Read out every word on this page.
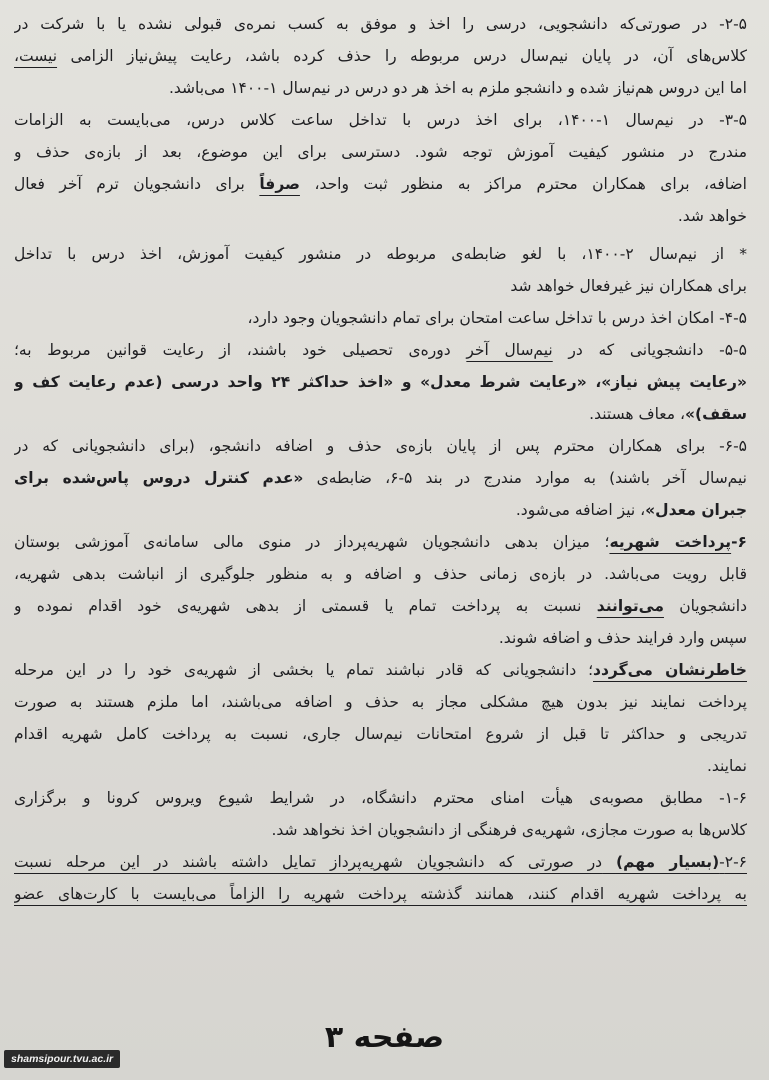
۲-۵- در صورتی‌که دانشجویی، درسی را اخذ و موفق به کسب نمره‌ی قبولی نشده یا با شرکت در

کلاس‌های آن، در پایان نیم‌سال درس مربوطه را حذف کرده باشد، رعایت پیش‌نیاز الزامی نیست،

اما این دروس هم‌نیاز شده و دانشجو ملزم به اخذ هر دو درس در نیم‌سال ۱-۱۴۰۰ می‌باشد.

۳-۵- در نیم‌سال ۱-۱۴۰۰، برای اخذ درس با تداخل ساعت کلاس درس، می‌بایست به الزامات

مندرج در منشور کیفیت آموزش توجه شود. دسترسی برای این موضوع، بعد از بازه‌ی حذف و

اضافه، برای همکاران محترم مراکز به منظور ثبت واحد، صرفاً برای دانشجویان ترم آخر فعال

خواهد شد.

* از نیم‌سال ۲-۱۴۰۰، با لغو ضابطه‌ی مربوطه در منشور کیفیت آموزش، اخذ درس با تداخل

برای همکاران نیز غیرفعال خواهد شد

۴-۵- امکان اخذ درس با تداخل ساعت امتحان برای تمام دانشجویان وجود دارد،

۵-۵- دانشجویانی که در نیم‌سال آخر دوره‌ی تحصیلی خود باشند، از رعایت قوانین مربوط به؛

«رعایت پیش نیاز»، «رعایت شرط معدل» و «اخذ حداکثر ۲۴ واحد درسی (عدم رعایت کف و

سقف)»، معاف هستند.

۶-۵- برای همکاران محترم پس از پایان بازه‌ی حذف و اضافه دانشجو، (برای دانشجویانی که در

نیم‌سال آخر باشند) به موارد مندرج در بند ۵-۶، ضابطه‌ی «عدم کنترل دروس پاس‌شده برای

جبران معدل»، نیز اضافه می‌شود.

۶-پرداخت شهریه؛ میزان بدهی دانشجویان شهریه‌پرداز در منوی مالی سامانه‌ی آموزشی بوستان

قابل رویت می‌باشد. در بازه‌ی زمانی حذف و اضافه و به منظور جلوگیری از انباشت بدهی شهریه،

دانشجویان می‌توانند نسبت به پرداخت تمام یا قسمتی از بدهی شهریه‌ی خود اقدام نموده و

سپس وارد فرایند حذف و اضافه شوند.

خاطرنشان می‌گردد؛ دانشجویانی که قادر نباشند تمام یا بخشی از شهریه‌ی خود را در این مرحله

پرداخت نمایند نیز بدون هیچ مشکلی مجاز به حذف و اضافه می‌باشند، اما ملزم هستند به صورت

تدریجی و حداکثر تا قبل از شروع امتحانات نیم‌سال جاری، نسبت به پرداخت کامل شهریه اقدام

نمایند.

۱-۶- مطابق مصوبه‌ی هیأت امنای محترم دانشگاه، در شرایط شیوع ویروس کرونا و برگزاری

کلاس‌ها به صورت مجازی، شهریه‌ی فرهنگی از دانشجویان اخذ نخواهد شد.

۲-۶-(بسیار مهم) در صورتی که دانشجویان شهریه‌پرداز تمایل داشته باشند در این مرحله نسبت

به پرداخت شهریه اقدام کنند، همانند گذشته پرداخت شهریه را الزاماً می‌بایست با کارت‌های عضو

صفحه ۳
shamsipour.tvu.ac.ir
